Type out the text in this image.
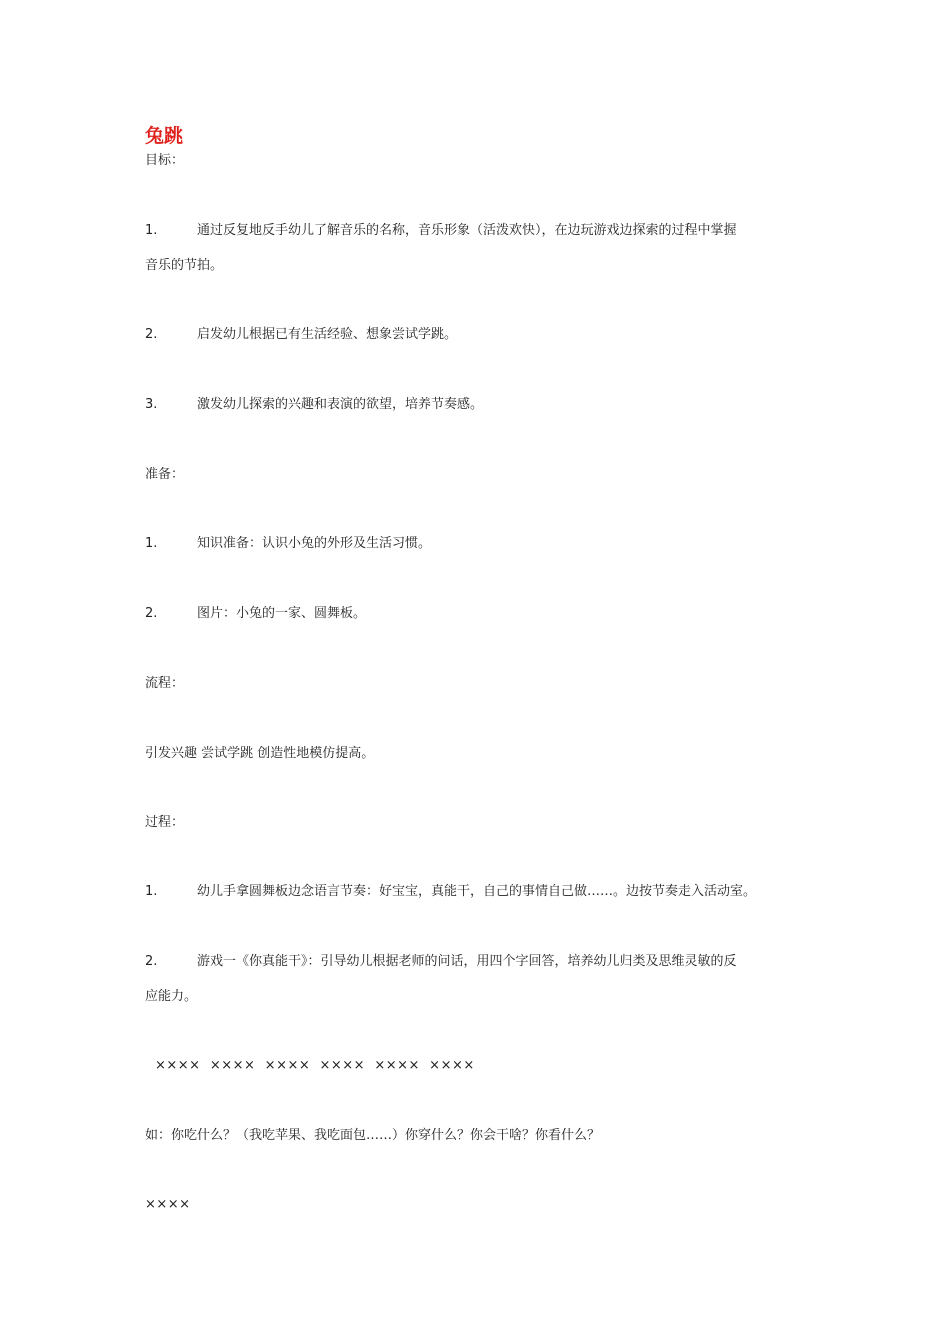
兔跳
目标：
1.	通过反复地反手幼儿了解音乐的名称，音乐形象（活泼欢快），在边玩游戏边探索的过程中掌握
音乐的节拍。
2.	启发幼儿根据已有生活经验、想象尝试学跳。
3.	激发幼儿探索的兴趣和表演的欲望，培养节奏感。
准备：
1.	知识准备：认识小兔的外形及生活习惯。
2.	图片：小兔的一家、圆舞板。
流程：
引发兴趣 尝试学跳 创造性地模仿提高。
过程：
1.	幼儿手拿圆舞板边念语言节奏：好宝宝，真能干，自己的事情自己做……。边按节奏走入活动室。
2.	游戏一《你真能干》：引导幼儿根据老师的问话，用四个字回答，培养幼儿归类及思维灵敏的反
应能力。
××××  ××××  ××××  ××××  ××××  ××××
如：你吃什么？（我吃苹果、我吃面包……）你穿什么？你会干啥？你看什么？
××××
